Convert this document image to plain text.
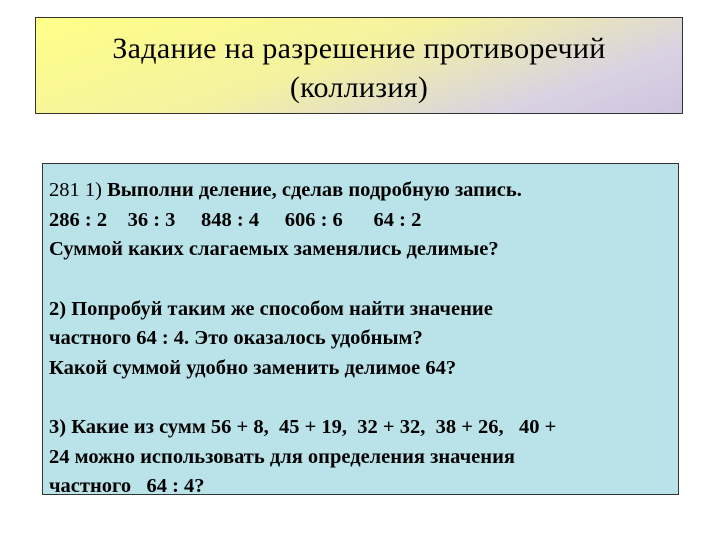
Задание на разрешение противоречий
(коллизия)
281 1) Выполни деление, сделав подробную запись.
286 : 2    36 : 3     848 : 4     606 : 6      64 : 2
Суммой каких слагаемых заменялись делимые?
2) Попробуй таким же способом найти значение
частного 64 : 4. Это оказалось удобным?
Какой суммой удобно заменить делимое 64?
3) Какие из сумм 56 + 8,  45 + 19,  32 + 32,  38 + 26,   40 +
24 можно использовать для определения значения
частного   64 : 4?
